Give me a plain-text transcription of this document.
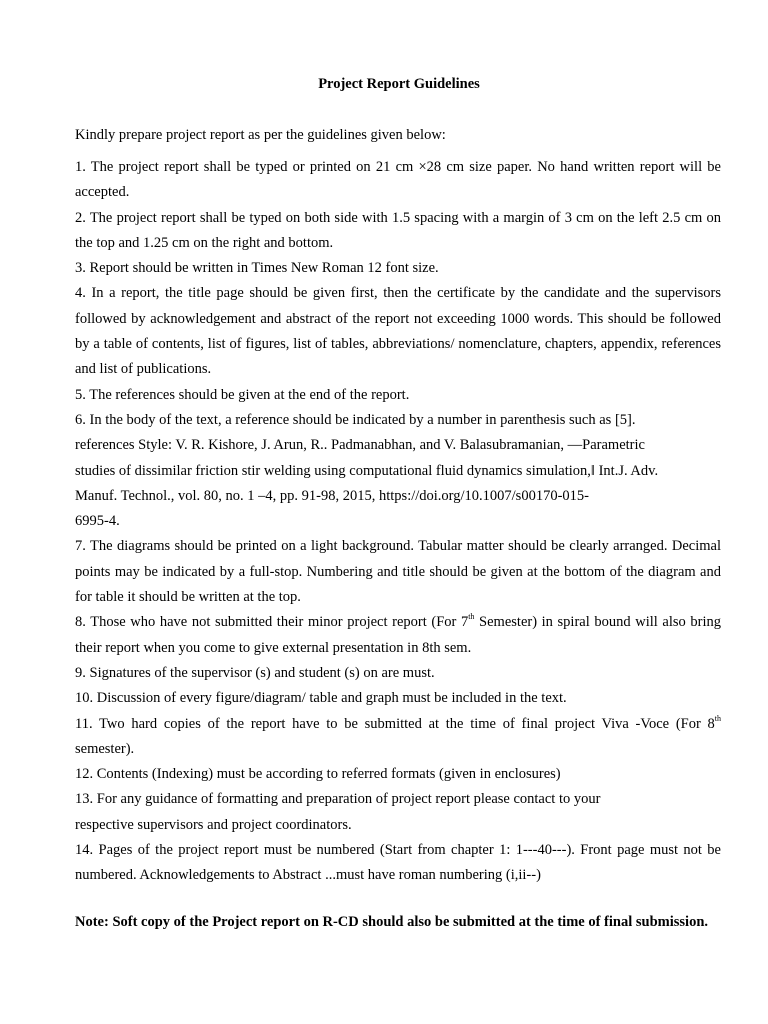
Project Report Guidelines

Kindly prepare project report as per the guidelines given below:

1. The project report shall be typed or printed on 21 cm ×28 cm size paper. No hand written report will be accepted.

2. The project report shall be typed on both side with 1.5 spacing with a margin of 3 cm on the left 2.5 cm on the top and 1.25 cm on the right and bottom.

3. Report should be written in Times New Roman 12 font size.

4. In a report, the title page should be given first, then the certificate by the candidate and the supervisors followed by acknowledgement and abstract of the report not exceeding 1000 words. This should be followed by a table of contents, list of figures, list of tables, abbreviations/ nomenclature, chapters, appendix, references and list of publications.

5. The references should be given at the end of the report.

6. In the body of the text, a reference should be indicated by a number in parenthesis such as [5].

references Style: V. R. Kishore, J. Arun, R.. Padmanabhan, and V. Balasubramanian, —Parametric

studies of dissimilar friction stir welding using computational fluid dynamics simulation,‖ Int.J. Adv.

Manuf. Technol., vol. 80, no. 1 –4, pp. 91-98, 2015, https://doi.org/10.1007/s00170-015-

6995-4.

7. The diagrams should be printed on a light background. Tabular matter should be clearly arranged. Decimal points may be indicated by a full-stop. Numbering and title should be given at the bottom of the diagram and for table it should be written at the top.

8. Those who have not submitted their minor project report (For 7th Semester) in spiral bound will also bring their report when you come to give external presentation in 8th sem.

9. Signatures of the supervisor (s) and student (s) on are must.

10. Discussion of every figure/diagram/ table and graph must be included in the text.

11. Two hard copies of the report have to be submitted at the time of final project Viva -Voce (For 8th semester).

12. Contents (Indexing) must be according to referred formats (given in enclosures)

13. For any guidance of formatting and preparation of project report please contact to your

respective supervisors and project coordinators.

14. Pages of the project report must be numbered (Start from chapter 1: 1---40---). Front page must not be numbered. Acknowledgements to Abstract ...must have roman numbering (i,ii--)

Note: Soft copy of the Project report on R-CD should also be submitted at the time of final submission.
